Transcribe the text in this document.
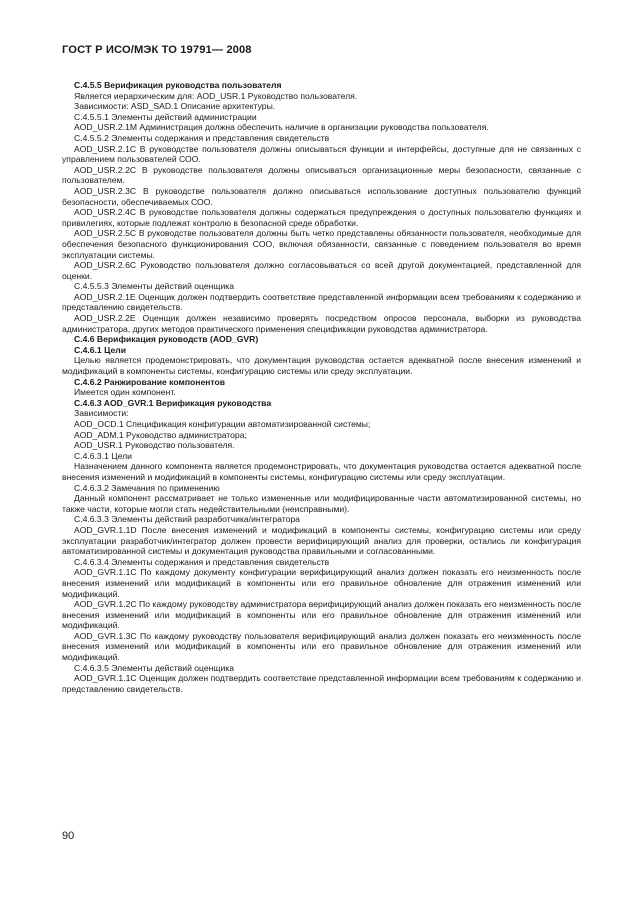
ГОСТ Р ИСО/МЭК ТО 19791— 2008

C.4.5.5 Верификация руководства пользователя

Является иерархическим для: AOD_USR.1 Руководство пользователя.

Зависимости: ASD_SAD.1 Описание архитектуры.

C.4.5.5.1 Элементы действий администрации

AOD_USR.2.1M Администрация должна обеспечить наличие в организации руководства пользователя.

C.4.5.5.2 Элементы содержания и представления свидетельств

AOD_USR.2.1C В руководстве пользователя должны описываться функции и интерфейсы, доступные для не связанных с управлением пользователей СОО.

AOD_USR.2.2C В руководстве пользователя должны описываться организационные меры безопасности, связанные с пользователем.

AOD_USR.2.3C В руководстве пользователя должно описываться использование доступных пользователю функций безопасности, обеспечиваемых СОО.

AOD_USR.2.4C В руководстве пользователя должны содержаться предупреждения о доступных пользователю функциях и привилегиях, которые подлежат контролю в безопасной среде обработки.

AOD_USR.2.5C В руководстве пользователя должны быть четко представлены обязанности пользователя, необходимые для обеспечения безопасного функционирования СОО, включая обязанности, связанные с поведением пользователя во время эксплуатации системы.

AOD_USR.2.6C Руководство пользователя должно согласовываться со всей другой документацией, представленной для оценки.

C.4.5.5.3 Элементы действий оценщика

AOD_USR.2.1E Оценщик должен подтвердить соответствие представленной информации всем требованиям к содержанию и представлению свидетельств.

AOD_USR.2.2E Оценщик должен независимо проверять посредством опросов персонала, выборки из руководства администратора, других методов практического применения спецификации руководства администратора.

C.4.6 Верификация руководств (AOD_GVR)

C.4.6.1 Цели

Целью является продемонстрировать, что документация руководства остается адекватной после внесения изменений и модификаций в компоненты системы, конфигурацию системы или среду эксплуатации.

C.4.6.2 Ранжирование компонентов

Имеется один компонент.

C.4.6.3 AOD_GVR.1 Верификация руководства

Зависимости:

AOD_OCD.1 Спецификация конфигурации автоматизированной системы;

AOD_ADM.1 Руководство администратора;

AOD_USR.1 Руководство пользователя.

C.4.6.3.1 Цели

Назначением данного компонента является продемонстрировать, что документация руководства остается адекватной после внесения изменений и модификаций в компоненты системы, конфигурацию системы или среду эксплуатации.

C.4.6.3.2 Замечания по применению

Данный компонент рассматривает не только измененные или модифицированные части автоматизированной системы, но также части, которые могли стать недействительными (неисправными).

C.4.6.3.3 Элементы действий разработчика/интегратора

AOD_GVR.1.1D После внесения изменений и модификаций в компоненты системы, конфигурацию системы или среду эксплуатации разработчик/интегратор должен провести верифицирующий анализ для проверки, остались ли конфигурация автоматизированной системы и документация руководства правильными и согласованными.

C.4.6.3.4 Элементы содержания и представления свидетельств

AOD_GVR.1.1C По каждому документу конфигурации верифицирующий анализ должен показать его неизменность после внесения изменений или модификаций в компоненты или его правильное обновление для отражения изменений или модификаций.

AOD_GVR.1.2C По каждому руководству администратора верифицирующий анализ должен показать его неизменность после внесения изменений или модификаций в компоненты или его правильное обновление для отражения изменений или модификаций.

AOD_GVR.1.3C По каждому руководству пользователя верифицирующий анализ должен показать его неизменность после внесения изменений или модификаций в компоненты или его правильное обновление для отражения изменений или модификаций.

C.4.6.3.5 Элементы действий оценщика

AOD_GVR.1.1C Оценщик должен подтвердить соответствие представленной информации всем требованиям к содержанию и представлению свидетельств.

90
